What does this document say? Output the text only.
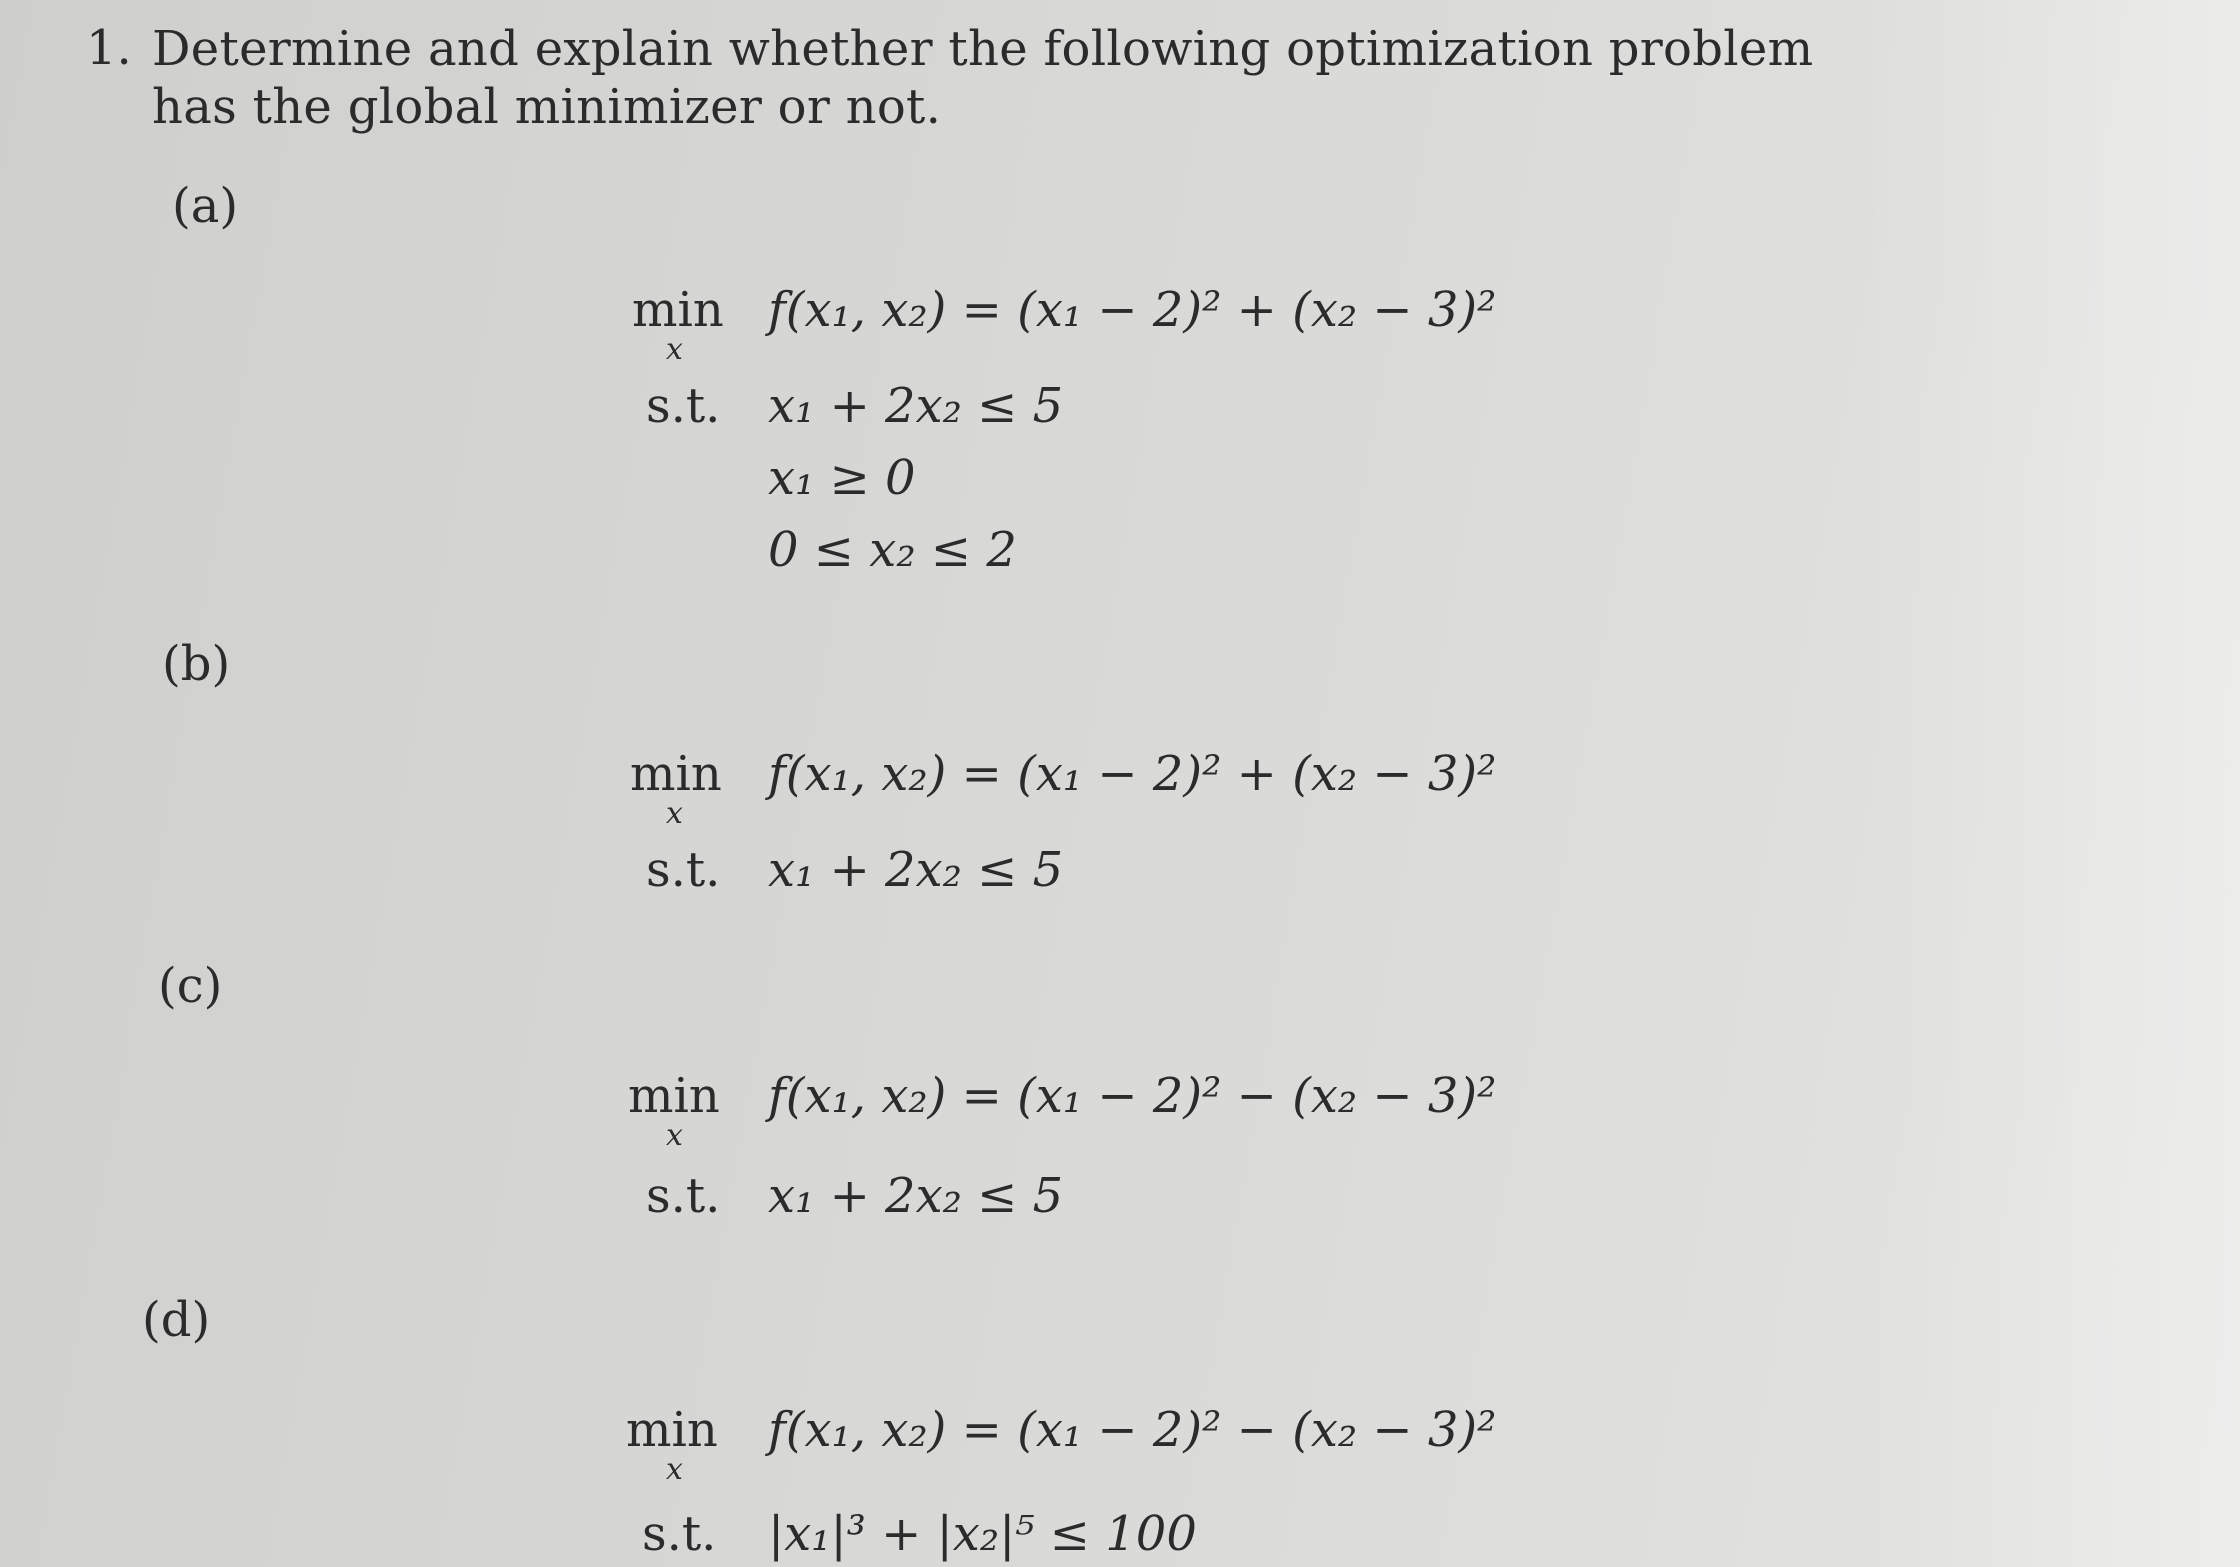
1. Determine and explain whether the following optimization problem has the global minimizer or not.
(a)
min
x
f(x₁, x₂) = (x₁ − 2)² + (x₂ − 3)²
s.t. x₁ + 2x₂ ≤ 5
x₁ ≥ 0
0 ≤ x₂ ≤ 2
(b)
min
x
f(x₁, x₂) = (x₁ − 2)² + (x₂ − 3)²
s.t. x₁ + 2x₂ ≤ 5
(c)
min
x
f(x₁, x₂) = (x₁ − 2)² − (x₂ − 3)²
s.t. x₁ + 2x₂ ≤ 5
(d)
min
x
f(x₁, x₂) = (x₁ − 2)² − (x₂ − 3)²
s.t. |x₁|³ + |x₂|⁵ ≤ 100
